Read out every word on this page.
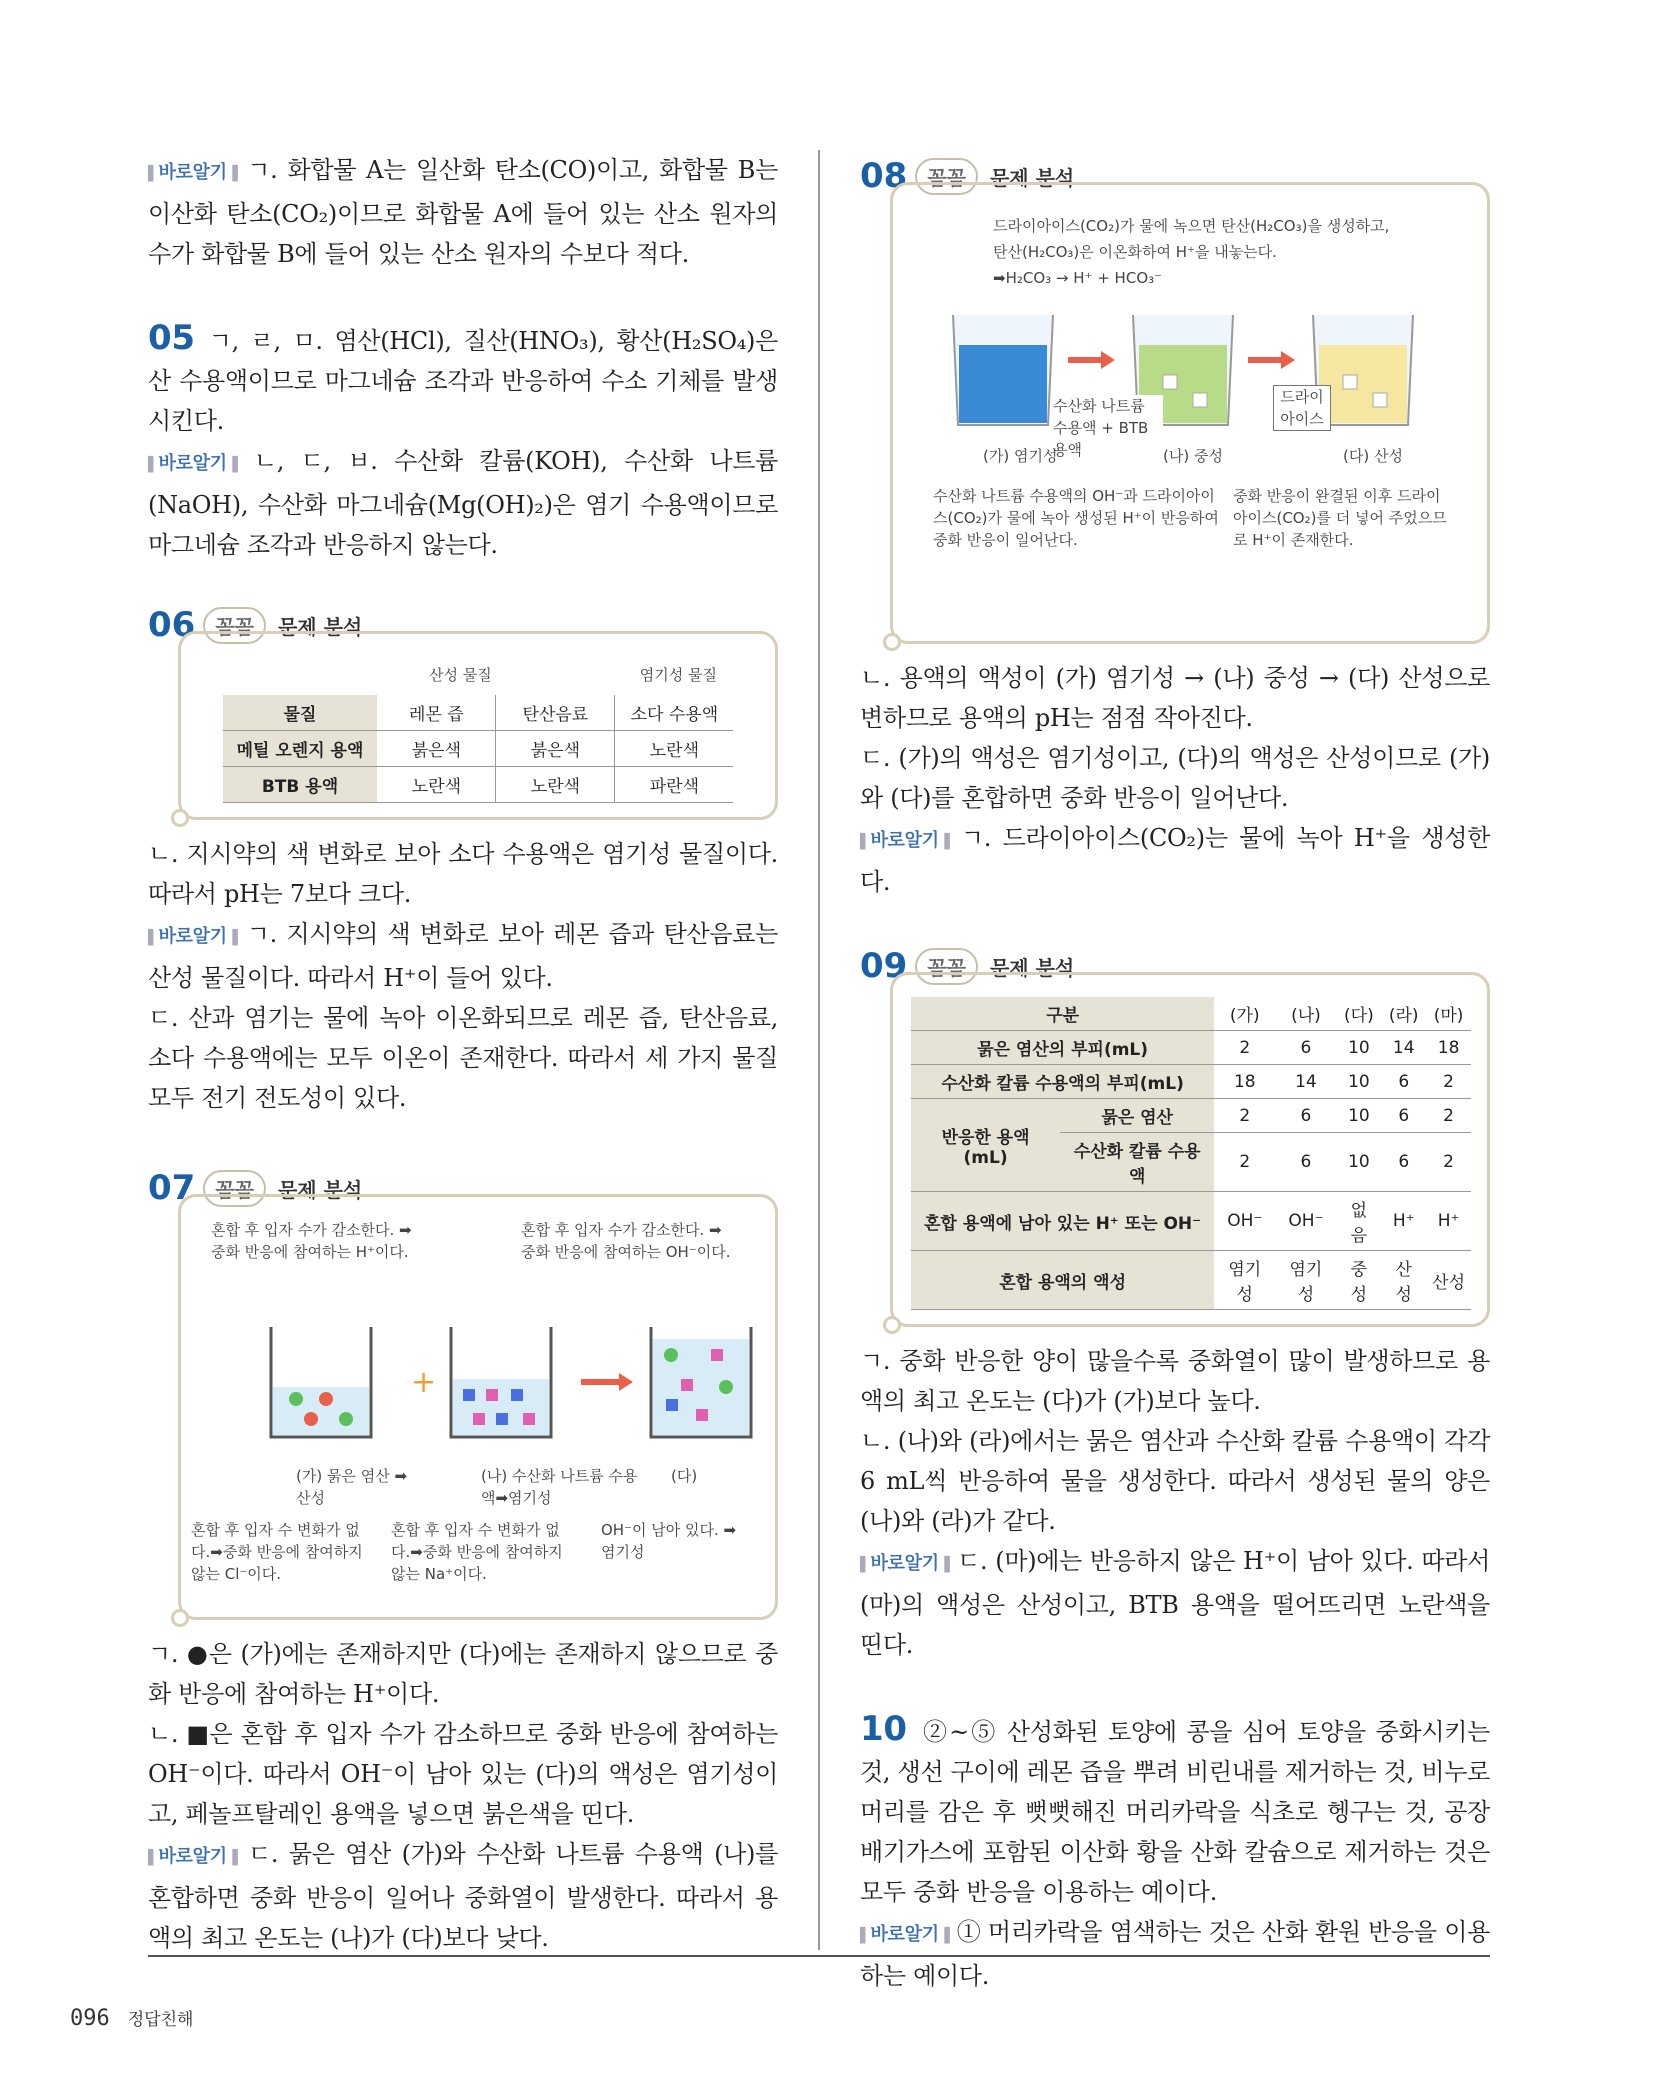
▌ 바로알기 ▐ ㄱ. 화합물 A는 일산화 탄소(CO)이고, 화합물 B는 이산화 탄소(CO₂)이므로 화합물 A에 들어 있는 산소 원자의 수가 화합물 B에 들어 있는 산소 원자의 수보다 적다.

05 ㄱ, ㄹ, ㅁ. 염산(HCl), 질산(HNO₃), 황산(H₂SO₄)은 산 수용액이므로 마그네슘 조각과 반응하여 수소 기체를 발생시킨다.

▌ 바로알기 ▐ ㄴ, ㄷ, ㅂ. 수산화 칼륨(KOH), 수산화 나트륨(NaOH), 수산화 마그네슘(Mg(OH)₂)은 염기 수용액이므로 마그네슘 조각과 반응하지 않는다.

06	꼼꼼	문제 분석
산성 물질	염기성 물질
물질	레몬 즙	탄산음료	소다 수용액
메틸 오렌지 용액	붉은색	붉은색	노란색
BTB 용액	노란색	노란색	파란색

ㄴ. 지시약의 색 변화로 보아 소다 수용액은 염기성 물질이다. 따라서 pH는 7보다 크다.

▌ 바로알기 ▐ ㄱ. 지시약의 색 변화로 보아 레몬 즙과 탄산음료는 산성 물질이다. 따라서 H⁺이 들어 있다.

ㄷ. 산과 염기는 물에 녹아 이온화되므로 레몬 즙, 탄산음료, 소다 수용액에는 모두 이온이 존재한다. 따라서 세 가지 물질 모두 전기 전도성이 있다.

07	꼼꼼	문제 분석
혼합 후 입자 수가 감소한다. ➡ 중화 반응에 참여하는 H⁺이다.
혼합 후 입자 수가 감소한다. ➡ 중화 반응에 참여하는 OH⁻이다.
+
(가) 묽은 염산 ➡산성
(나) 수산화 나트륨 수용액➡염기성
(다)
혼합 후 입자 수 변화가 없다.➡중화 반응에 참여하지 않는 Cl⁻이다.
혼합 후 입자 수 변화가 없다.➡중화 반응에 참여하지 않는 Na⁺이다.
OH⁻이 남아 있다. ➡염기성

ㄱ. ●은 (가)에는 존재하지만 (다)에는 존재하지 않으므로 중화 반응에 참여하는 H⁺이다.

ㄴ. ■은 혼합 후 입자 수가 감소하므로 중화 반응에 참여하는 OH⁻이다. 따라서 OH⁻이 남아 있는 (다)의 액성은 염기성이고, 페놀프탈레인 용액을 넣으면 붉은색을 띤다.

▌ 바로알기 ▐ ㄷ. 묽은 염산 (가)와 수산화 나트륨 수용액 (나)를 혼합하면 중화 반응이 일어나 중화열이 발생한다. 따라서 용액의 최고 온도는 (나)가 (다)보다 낮다.

08	꼼꼼	문제 분석
드라이아이스(CO₂)가 물에 녹으면 탄산(H₂CO₃)을 생성하고,
탄산(H₂CO₃)은 이온화하여 H⁺을 내놓는다.
➡H₂CO₃ → H⁺ + HCO₃⁻
수산화 나트륨 수용액 + BTB 용액
드라이 아이스
(가) 염기성	(나) 중성	(다) 산성
수산화 나트륨 수용액의 OH⁻과 드라이아이스(CO₂)가 물에 녹아 생성된 H⁺이 반응하여 중화 반응이 일어난다.
중화 반응이 완결된 이후 드라이아이스(CO₂)를 더 넣어 주었으므로 H⁺이 존재한다.

ㄴ. 용액의 액성이 (가) 염기성 → (나) 중성 → (다) 산성으로 변하므로 용액의 pH는 점점 작아진다.

ㄷ. (가)의 액성은 염기성이고, (다)의 액성은 산성이므로 (가)와 (다)를 혼합하면 중화 반응이 일어난다.

▌ 바로알기 ▐ ㄱ. 드라이아이스(CO₂)는 물에 녹아 H⁺을 생성한다.

09	꼼꼼	문제 분석
구분		(가)	(나)	(다)	(라)	(마)
묽은 염산의 부피(mL)		2	6	10	14	18
수산화 칼륨 수용액의 부피(mL)		18	14	10	6	2
반응한 용액 (mL)	묽은 염산	2	6	10	6	2
	수산화 칼륨 수용액	2	6	10	6	2
혼합 용액에 남아 있는 H⁺ 또는 OH⁻		OH⁻	OH⁻	없음	H⁺	H⁺
혼합 용액의 액성		염기성	염기성	중성	산성	산성

ㄱ. 중화 반응한 양이 많을수록 중화열이 많이 발생하므로 용액의 최고 온도는 (다)가 (가)보다 높다.

ㄴ. (나)와 (라)에서는 묽은 염산과 수산화 칼륨 수용액이 각각 6 mL씩 반응하여 물을 생성한다. 따라서 생성된 물의 양은 (나)와 (라)가 같다.

▌ 바로알기 ▐ ㄷ. (마)에는 반응하지 않은 H⁺이 남아 있다. 따라서 (마)의 액성은 산성이고, BTB 용액을 떨어뜨리면 노란색을 띤다.

10 ②~⑤ 산성화된 토양에 콩을 심어 토양을 중화시키는 것, 생선 구이에 레몬 즙을 뿌려 비린내를 제거하는 것, 비누로 머리를 감은 후 뻣뻣해진 머리카락을 식초로 헹구는 것, 공장 배기가스에 포함된 이산화 황을 산화 칼슘으로 제거하는 것은 모두 중화 반응을 이용하는 예이다.

▌ 바로알기 ▐ ① 머리카락을 염색하는 것은 산화 환원 반응을 이용하는 예이다.

096 정답친해
